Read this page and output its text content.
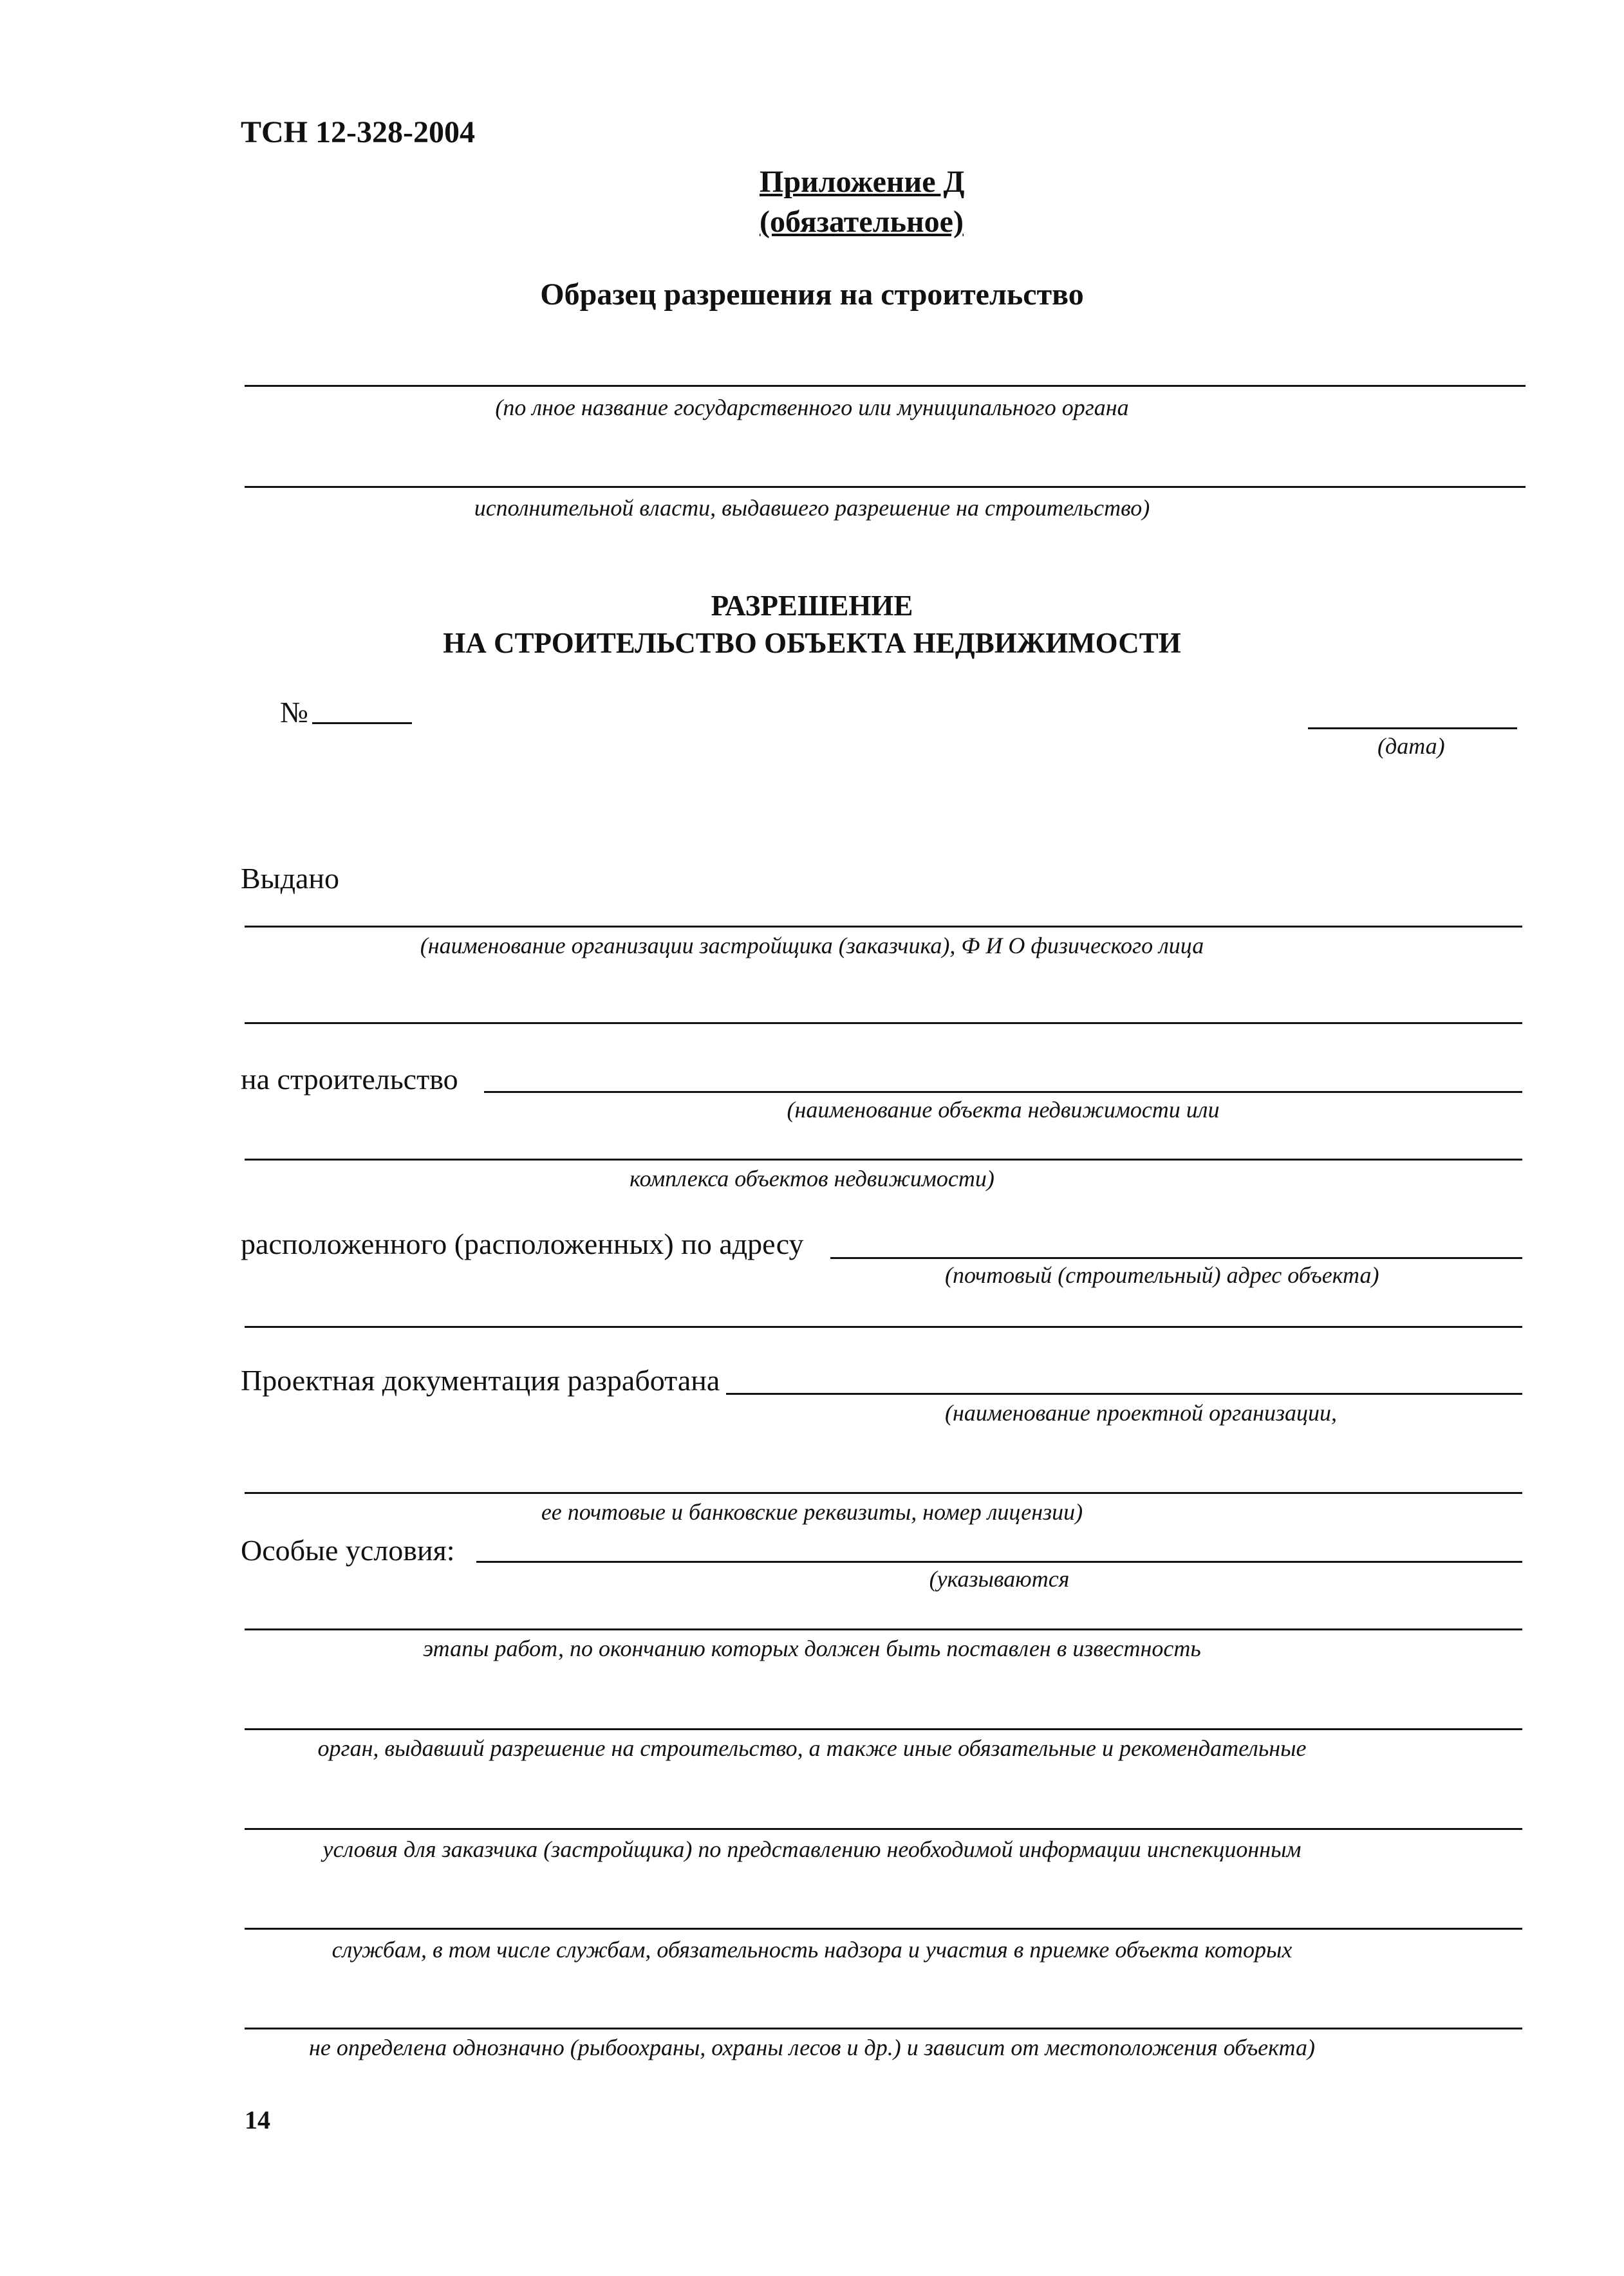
ТСН 12-328-2004
Приложение Д
(обязательное)
Образец разрешения на строительство
(по лное название государственного или муниципального органа
исполнительной власти, выдавшего разрешение на строительство)
РАЗРЕШЕНИЕ
НА СТРОИТЕЛЬСТВО ОБЪЕКТА НЕДВИЖИМОСТИ
№
(дата)
Выдано
(наименование организации застройщика (заказчика), Ф И О физического лица
на строительство
(наименование объекта недвижимости или
комплекса объектов недвижимости)
расположенного (расположенных) по адресу
(почтовый (строительный) адрес объекта)
Проектная документация разработана
(наименование проектной организации,
ее почтовые и банковские реквизиты, номер лицензии)
Особые условия:
(указываются
этапы работ, по окончанию которых должен быть поставлен в известность
орган, выдавший разрешение на строительство, а также иные обязательные и рекомендательные
условия для заказчика (застройщика) по представлению необходимой информации инспекционным
службам, в том числе службам, обязательность надзора и участия в приемке объекта которых
не определена однозначно (рыбоохраны, охраны лесов и др.) и зависит от местоположения объекта)
14
